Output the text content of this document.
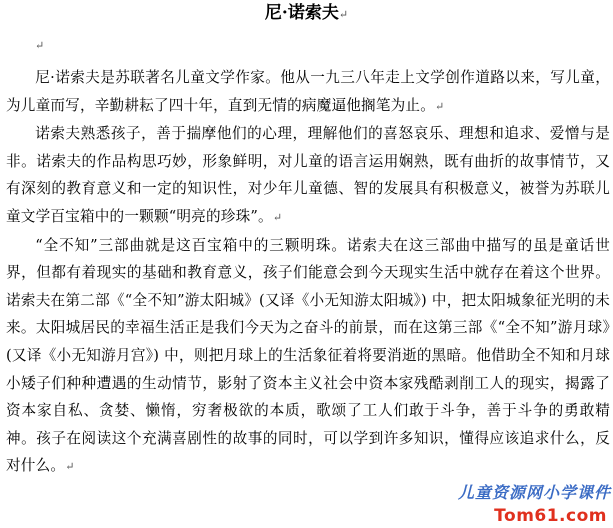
尼·诺索夫↵
↵

尼·诺索夫是苏联著名儿童文学作家。他从一九三八年走上文学创作道路以来，写儿童，为儿童而写，辛勤耕耘了四十年，直到无情的病魔逼他搁笔为止。↵

诺索夫熟悉孩子，善于揣摩他们的心理，理解他们的喜怒哀乐、理想和追求、爱憎与是非。诺索夫的作品构思巧妙，形象鲜明，对儿童的语言运用娴熟，既有曲折的故事情节，又有深刻的教育意义和一定的知识性，对少年儿童德、智的发展具有积极意义，被誉为苏联儿童文学百宝箱中的一颗颗“明亮的珍珠”。↵

“全不知”三部曲就是这百宝箱中的三颗明珠。诺索夫在这三部曲中描写的虽是童话世界，但都有着现实的基础和教育意义，孩子们能意会到今天现实生活中就存在着这个世界。诺索夫在第二部《“全不知”游太阳城》(又译《小无知游太阳城》) 中，把太阳城象征光明的未来。太阳城居民的幸福生活正是我们今天为之奋斗的前景，而在这第三部《“全不知”游月球》(又译《小无知游月宫》) 中，则把月球上的生活象征着将要消逝的黑暗。他借助全不知和月球小矮子们种种遭遇的生动情节，影射了资本主义社会中资本家残酷剥削工人的现实，揭露了资本家自私、贪婪、懒惰，穷奢极欲的本质，歌颂了工人们敢于斗争，善于斗争的勇敢精神。孩子在阅读这个充满喜剧性的故事的同时，可以学到许多知识，懂得应该追求什么，反对什么。↵

儿童资源网小学课件
Tom61.com
